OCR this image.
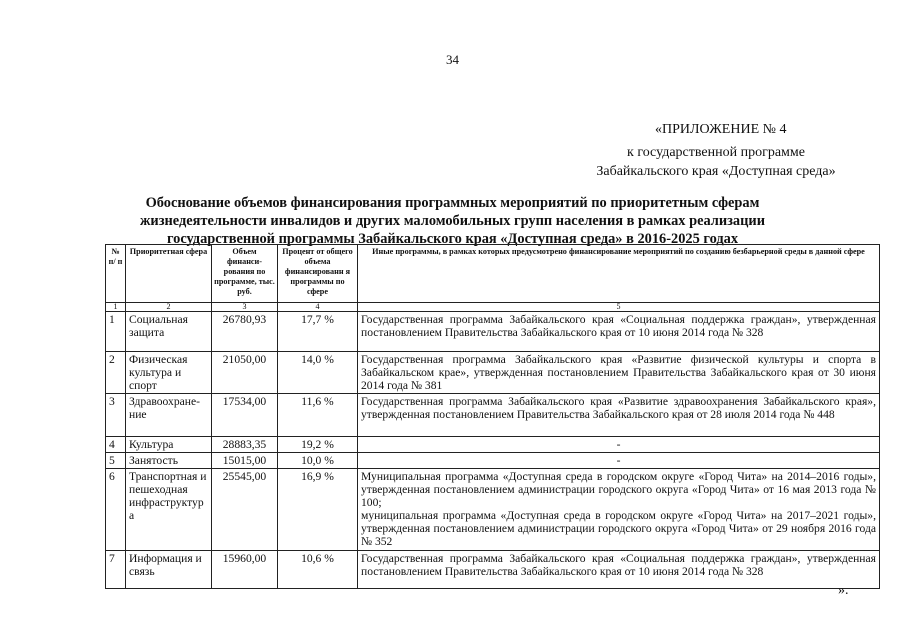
34
«ПРИЛОЖЕНИЕ № 4
к государственной программе
Забайкальского края «Доступная среда»
Обоснование объемов финансирования программных мероприятий по приоритетным сферам жизнедеятельности инвалидов и других маломобильных групп населения в рамках реализации государственной программы Забайкальского края «Доступная среда» в 2016-2025 годах
№ п/ п	Приоритетная сфера	Объем финанси-рования по программе, тыс. руб.	Процент от общего объема финансированн я программы по сфере	Иные программы, в рамках которых предусмотрено финансирование мероприятий по созданию безбарьерной среды в данной сфере
1	2	3	4	5
1	Социальная защита	26780,93	17,7 %	Государственная программа Забайкальского края «Социальная поддержка граждан», утвержденная постановлением Правительства Забайкальского края от 10 июня 2014 года № 328
2	Физическая культура и спорт	21050,00	14,0 %	Государственная программа Забайкальского края «Развитие физической культуры и спорта в Забайкальском крае», утвержденная постановлением Правительства Забайкальского края от 30 июня 2014 года № 381
3	Здравоохране-ние	17534,00	11,6 %	Государственная программа Забайкальского края «Развитие здравоохранения Забайкальского края», утвержденная постановлением Правительства Забайкальского края от 28 июля 2014 года № 448
4	Культура	28883,35	19,2 %	-
5	Занятость	15015,00	10,0 %	-
6	Транспортная и пешеходная инфраструктур а	25545,00	16,9 %	Муниципальная программа «Доступная среда в городском округе «Город Чита» на 2014–2016 годы», утвержденная постановлением администрации городского округа «Город Чита» от 16 мая 2013 года № 100;
муниципальная программа «Доступная среда в городском округе «Город Чита» на 2017–2021 годы», утвержденная постановлением администрации городского округа «Город Чита» от 29 ноября 2016 года № 352

7	Информация и связь	15960,00	10,6 %	Государственная программа Забайкальского края «Социальная поддержка граждан», утвержденная постановлением Правительства Забайкальского края от 10 июня 2014 года № 328
».
